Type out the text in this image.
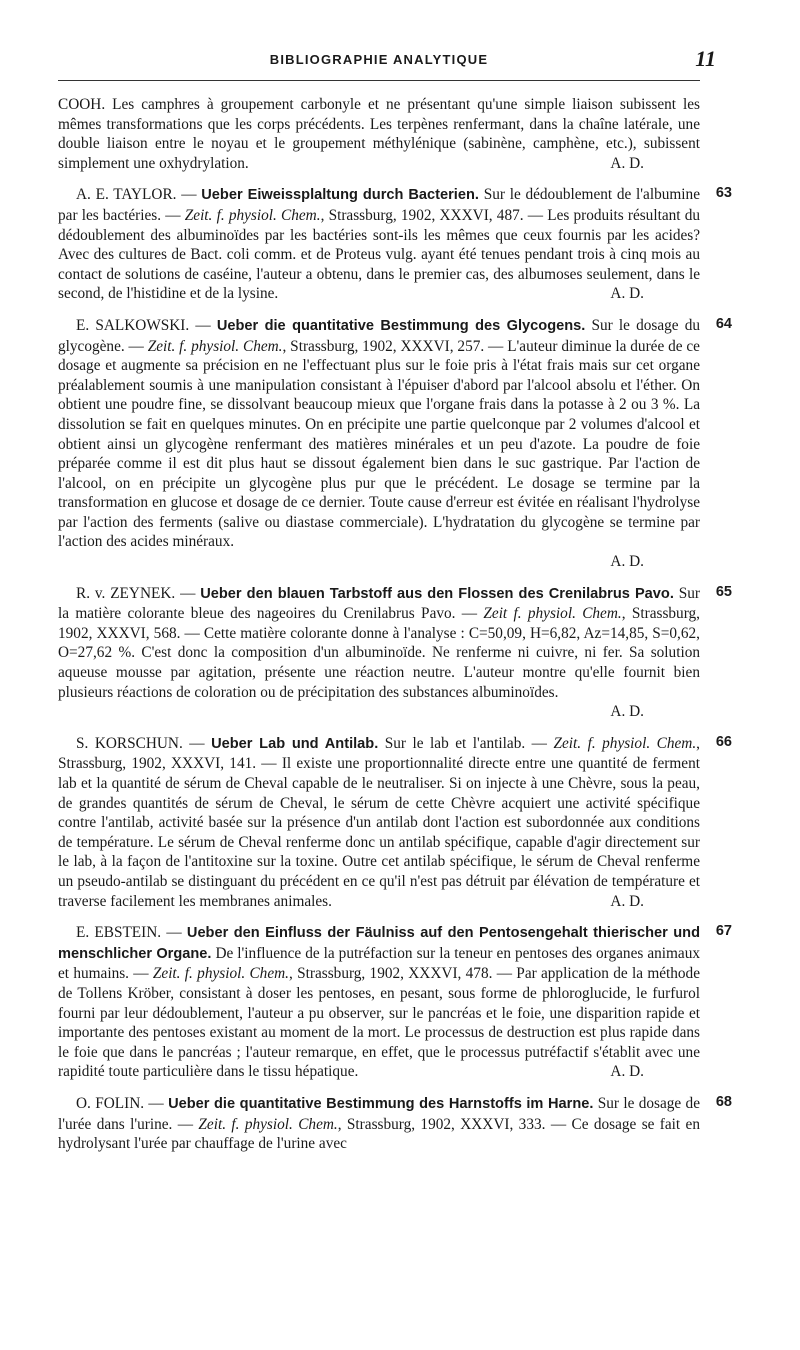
BIBLIOGRAPHIE ANALYTIQUE	11

COOH. Les camphres à groupement carbonyle et ne présentant qu'une simple liaison subissent les mêmes transformations que les corps précédents. Les terpènes renfermant, dans la chaîne latérale, une double liaison entre le noyau et le groupement méthylénique (sabinène, camphène, etc.), subissent simplement une oxhydrylation.	A. D.

63

A. E. TAYLOR. — Ueber Eiweissplaltung durch Bacterien. Sur le dédoublement de l'albumine par les bactéries. — Zeit. f. physiol. Chem., Strassburg, 1902, XXXVI, 487. — Les produits résultant du dédoublement des albuminoïdes par les bactéries sont-ils les mêmes que ceux fournis par les acides? Avec des cultures de Bact. coli comm. et de Proteus vulg. ayant été tenues pendant trois à cinq mois au contact de solutions de caséine, l'auteur a obtenu, dans le premier cas, des albumoses seulement, dans le second, de l'histidine et de la lysine.	A. D.

64

E. SALKOWSKI. — Ueber die quantitative Bestimmung des Glycogens. Sur le dosage du glycogène. — Zeit. f. physiol. Chem., Strassburg, 1902, XXXVI, 257. — L'auteur diminue la durée de ce dosage et augmente sa précision en ne l'effectuant plus sur le foie pris à l'état frais mais sur cet organe préalablement soumis à une manipulation consistant à l'épuiser d'abord par l'alcool absolu et l'éther. On obtient une poudre fine, se dissolvant beaucoup mieux que l'organe frais dans la potasse à 2 ou 3 %. La dissolution se fait en quelques minutes. On en précipite une partie quelconque par 2 volumes d'alcool et obtient ainsi un glycogène renfermant des matières minérales et un peu d'azote. La poudre de foie préparée comme il est dit plus haut se dissout également bien dans le suc gastrique. Par l'action de l'alcool, on en précipite un glycogène plus pur que le précédent. Le dosage se termine par la transformation en glucose et dosage de ce dernier. Toute cause d'erreur est évitée en réalisant l'hydrolyse par l'action des ferments (salive ou diastase commerciale). L'hydratation du glycogène se termine par l'action des acides minéraux.
A. D.

65

R. v. ZEYNEK. — Ueber den blauen Tarbstoff aus den Flossen des Crenilabrus Pavo. Sur la matière colorante bleue des nageoires du Crenilabrus Pavo. — Zeit f. physiol. Chem., Strassburg, 1902, XXXVI, 568. — Cette matière colorante donne à l'analyse : C=50,09, H=6,82, Az=14,85, S=0,62, O=27,62 %. C'est donc la composition d'un albuminoïde. Ne renferme ni cuivre, ni fer. Sa solution aqueuse mousse par agitation, présente une réaction neutre. L'auteur montre qu'elle fournit bien plusieurs réactions de coloration ou de précipitation des substances albuminoïdes.
A. D.

66

S. KORSCHUN. — Ueber Lab und Antilab. Sur le lab et l'antilab. — Zeit. f. physiol. Chem., Strassburg, 1902, XXXVI, 141. — Il existe une proportionnalité directe entre une quantité de ferment lab et la quantité de sérum de Cheval capable de le neutraliser. Si on injecte à une Chèvre, sous la peau, de grandes quantités de sérum de Cheval, le sérum de cette Chèvre acquiert une activité spécifique contre l'antilab, activité basée sur la présence d'un antilab dont l'action est subordonnée aux conditions de température. Le sérum de Cheval renferme donc un antilab spécifique, capable d'agir directement sur le lab, à la façon de l'antitoxine sur la toxine. Outre cet antilab spécifique, le sérum de Cheval renferme un pseudo-antilab se distinguant du précédent en ce qu'il n'est pas détruit par élévation de température et traverse facilement les membranes animales.	A. D.

67

E. EBSTEIN. — Ueber den Einfluss der Fäulniss auf den Pentosengehalt thierischer und menschlicher Organe. De l'influence de la putréfaction sur la teneur en pentoses des organes animaux et humains. — Zeit. f. physiol. Chem., Strassburg, 1902, XXXVI, 478. — Par application de la méthode de Tollens Kröber, consistant à doser les pentoses, en pesant, sous forme de phloroglucide, le furfurol fourni par leur dédoublement, l'auteur a pu observer, sur le pancréas et le foie, une disparition rapide et importante des pentoses existant au moment de la mort. Le processus de destruction est plus rapide dans le foie que dans le pancréas ; l'auteur remarque, en effet, que le processus putréfactif s'établit avec une rapidité toute particulière dans le tissu hépatique.	A. D.

68

O. FOLIN. — Ueber die quantitative Bestimmung des Harnstoffs im Harne. Sur le dosage de l'urée dans l'urine. — Zeit. f. physiol. Chem., Strassburg, 1902, XXXVI, 333. — Ce dosage se fait en hydrolysant l'urée par chauffage de l'urine avec
